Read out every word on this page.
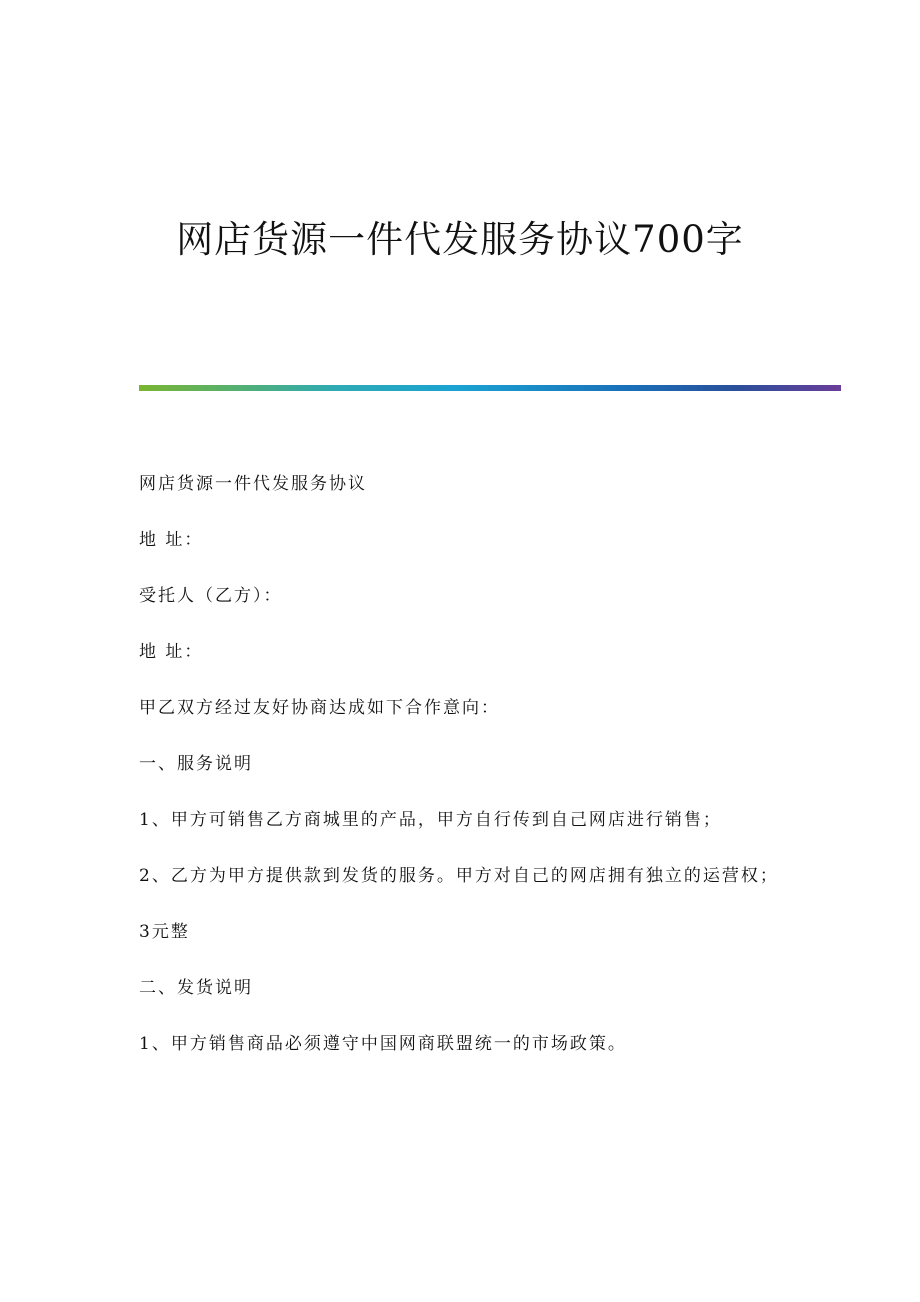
网店货源一件代发服务协议700字
网店货源一件代发服务协议
地 址：
受托人（乙方）：
地 址：
甲乙双方经过友好协商达成如下合作意向：
一、服务说明
1、甲方可销售乙方商城里的产品，甲方自行传到自己网店进行销售；
2、乙方为甲方提供款到发货的服务。甲方对自己的网店拥有独立的运营权；
3元整
二、发货说明
1、甲方销售商品必须遵守中国网商联盟统一的市场政策。
